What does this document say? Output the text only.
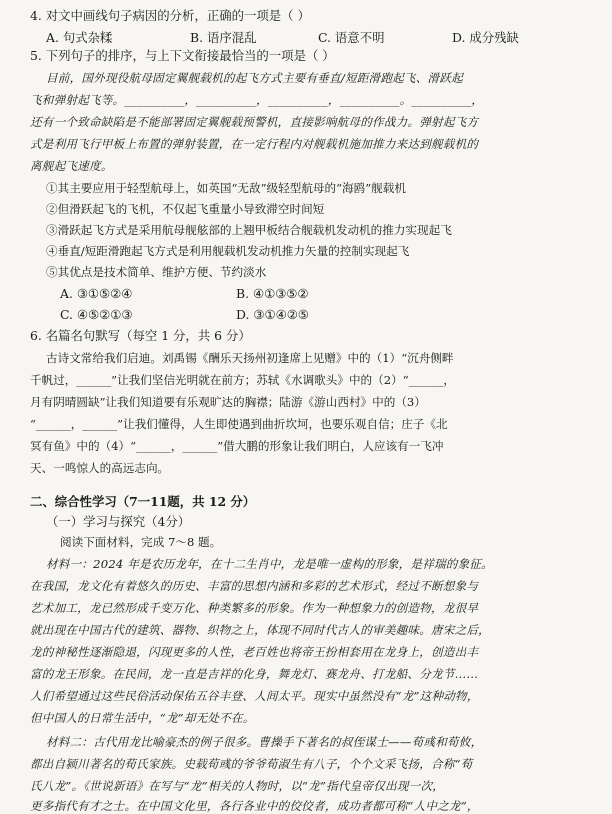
4. 对文中画线句子病因的分析，正确的一项是（ ）
A. 句式杂糅	B. 语序混乱	C. 语意不明	D. 成分残缺
5. 下列句子的排序，与上下文衔接最恰当的一项是（ ）
目前，国外现役航母固定翼舰载机的起飞方式主要有垂直/短距滑跑起飞、滑跃起
飞和弹射起飞等。__________，__________，__________，__________。__________，
还有一个致命缺陷是不能部署固定翼舰载预警机，直接影响航母的作战力。弹射起飞方
式是利用飞行甲板上布置的弹射装置，在一定行程内对舰载机施加推力来达到舰载机的
离舰起飞速度。
①其主要应用于轻型航母上，如英国“无敌”级轻型航母的“海鸥”舰载机
②但滑跃起飞的飞机，不仅起飞重量小导致滞空时间短
③滑跃起飞方式是采用航母舰舷部的上翘甲板结合舰载机发动机的推力实现起飞
④垂直/短距滑跑起飞方式是利用舰载机发动机推力矢量的控制实现起飞
⑤其优点是技术简单、维护方便、节约淡水
A. ③①⑤②④	B. ④①③⑤②
C. ④⑤②①③	D. ③①④②⑤
6. 名篇名句默写（每空 1 分，共 6 分）
古诗文常给我们启迪。刘禹锡《酬乐天扬州初逢席上见赠》中的（1）“沉舟侧畔
千帆过，______”让我们坚信光明就在前方；苏轼《水调歌头》中的（2）“______，
月有阴晴圆缺”让我们知道要有乐观旷达的胸襟；陆游《游山西村》中的（3）
“______，______”让我们懂得，人生即使遇到曲折坎坷，也要乐观自信；庄子《北
冥有鱼》中的（4）“______，______”借大鹏的形象让我们明白，人应该有一飞冲
天、一鸣惊人的高远志向。
二、综合性学习（7一11题，共 12 分）
（一）学习与探究（4分）
阅读下面材料，完成 7～8 题。
材料一：2024 年是农历龙年，在十二生肖中，龙是唯一虚构的形象，是祥瑞的象征。
在我国，龙文化有着悠久的历史、丰富的思想内涵和多彩的艺术形式，经过不断想象与
艺术加工，龙已然形成千变万化、种类繁多的形象。作为一种想象力的创造物，龙很早
就出现在中国古代的建筑、器物、织物之上，体现不同时代古人的审美趣味。唐宋之后，
龙的神秘性逐渐隐退，闪现更多的人性，老百姓也将帝王扮相套用在龙身上，创造出丰
富的龙王形象。在民间，龙一直是吉祥的化身，舞龙灯、赛龙舟、打龙船、分龙节……
人们希望通过这些民俗活动保佑五谷丰登、人间太平。现实中虽然没有“龙”这种动物，
但中国人的日常生活中，“龙”却无处不在。
材料二：古代用龙比喻豪杰的例子很多。曹操手下著名的叔侄谋士——荀彧和荀攸，
都出自颍川著名的荀氏家族。史载荀彧的爷爷荀淑生有八子，个个文采飞扬，合称“荀
氏八龙”。《世说新语》在写与“龙”相关的人物时，以“龙”指代皇帝仅出现一次，
更多指代有才之士。在中国文化里，各行各业中的佼佼者，成功者都可称“人中之龙”，
